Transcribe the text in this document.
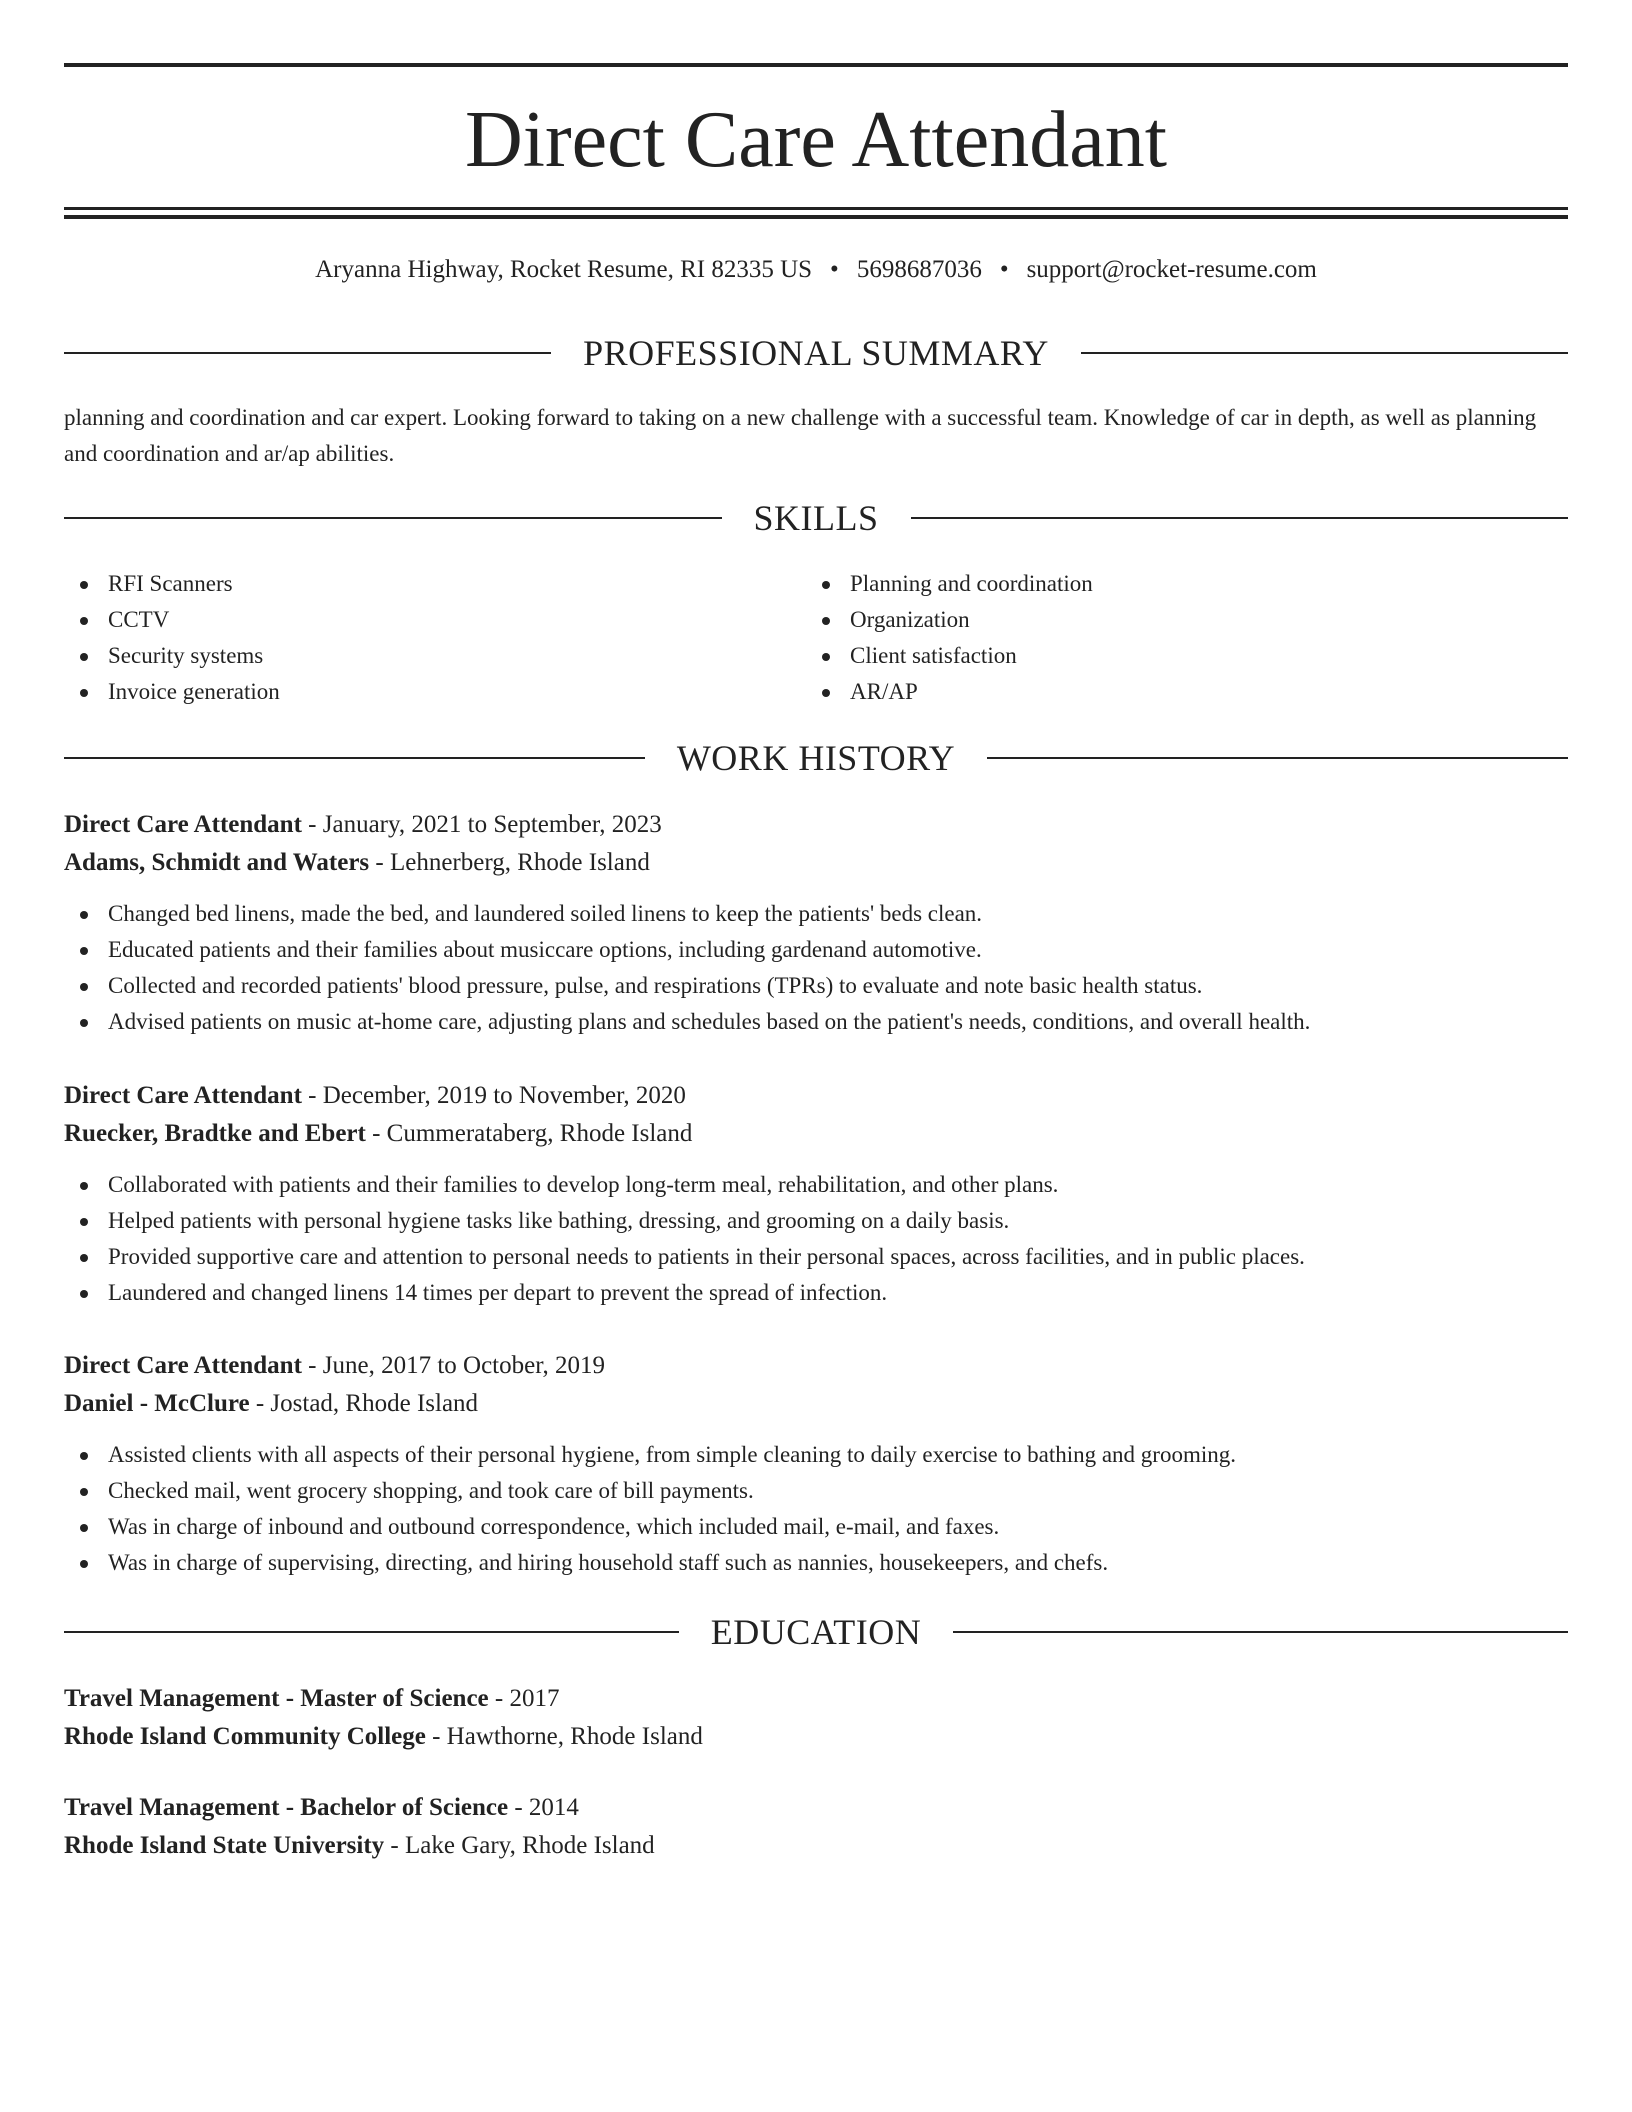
Direct Care Attendant
Aryanna Highway, Rocket Resume, RI 82335 US • 5698687036 • support@rocket-resume.com
PROFESSIONAL SUMMARY
planning and coordination and car expert. Looking forward to taking on a new challenge with a successful team. Knowledge of car in depth, as well as planning and coordination and ar/ap abilities.
SKILLS
RFI Scanners
CCTV
Security systems
Invoice generation
Planning and coordination
Organization
Client satisfaction
AR/AP
WORK HISTORY
Direct Care Attendant - January, 2021 to September, 2023
Adams, Schmidt and Waters - Lehnerberg, Rhode Island
Changed bed linens, made the bed, and laundered soiled linens to keep the patients' beds clean.
Educated patients and their families about musiccare options, including gardenand automotive.
Collected and recorded patients' blood pressure, pulse, and respirations (TPRs) to evaluate and note basic health status.
Advised patients on music at-home care, adjusting plans and schedules based on the patient's needs, conditions, and overall health.
Direct Care Attendant - December, 2019 to November, 2020
Ruecker, Bradtke and Ebert - Cummerataberg, Rhode Island
Collaborated with patients and their families to develop long-term meal, rehabilitation, and other plans.
Helped patients with personal hygiene tasks like bathing, dressing, and grooming on a daily basis.
Provided supportive care and attention to personal needs to patients in their personal spaces, across facilities, and in public places.
Laundered and changed linens 14 times per depart to prevent the spread of infection.
Direct Care Attendant - June, 2017 to October, 2019
Daniel - McClure - Jostad, Rhode Island
Assisted clients with all aspects of their personal hygiene, from simple cleaning to daily exercise to bathing and grooming.
Checked mail, went grocery shopping, and took care of bill payments.
Was in charge of inbound and outbound correspondence, which included mail, e-mail, and faxes.
Was in charge of supervising, directing, and hiring household staff such as nannies, housekeepers, and chefs.
EDUCATION
Travel Management - Master of Science - 2017
Rhode Island Community College - Hawthorne, Rhode Island
Travel Management - Bachelor of Science - 2014
Rhode Island State University - Lake Gary, Rhode Island
